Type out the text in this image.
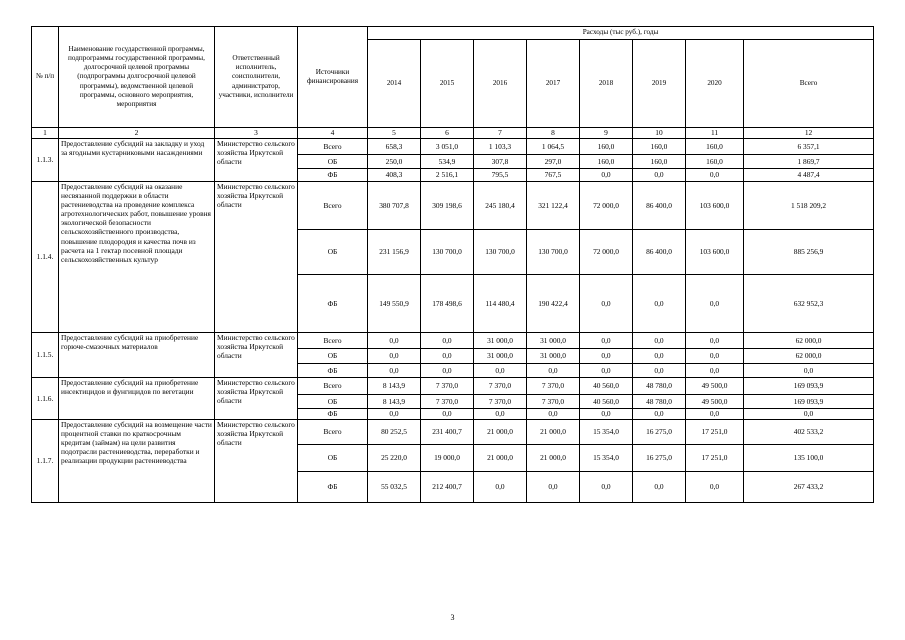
№ п/п	Наименование государственной программы, подпрограммы государственной программы, долгосрочной целевой программы (подпрограммы долгосрочной целевой программы), ведомственной целевой программы, основного мероприятия, мероприятия	Ответственный исполнитель, соисполнители, администратор, участники, исполнители	Источники финансирования	Расходы (тыс руб.), годы							
				2014	2015	2016	2017	2018	2019	2020	Всего
1	2	3	4	5	6	7	8	9	10	11	12
1.1.3.	Предоставление субсидий на закладку и уход за ягодными кустарниковыми насаждениями	Министерство сельского хозяйства Иркутской области	Всего	658,3	3 051,0	1 103,3	1 064,5	160,0	160,0	160,0	6 357,1
			ОБ	250,0	534,9	307,8	297,0	160,0	160,0	160,0	1 869,7
			ФБ	408,3	2 516,1	795,5	767,5	0,0	0,0	0,0	4 487,4
1.1.4.	Предоставление субсидий на оказание несвязанной поддержки в области растениеводства на проведение комплекса агротехнологических работ, повышение уровня экологической безопасности сельскохозяйственного производства, повышение плодородия и качества почв из расчета на 1 гектар посевной площади сельскохозяйственных культур	Министерство сельского хозяйства Иркутской области	Всего	380 707,8	309 198,6	245 180,4	321 122,4	72 000,0	86 400,0	103 600,0	1 518 209,2
			ОБ	231 156,9	130 700,0	130 700,0	130 700,0	72 000,0	86 400,0	103 600,0	885 256,9
			ФБ	149 550,9	178 498,6	114 480,4	190 422,4	0,0	0,0	0,0	632 952,3
1.1.5.	Предоставление субсидий на приобретение горюче-смазочных материалов	Министерство сельского хозяйства Иркутской области	Всего	0,0	0,0	31 000,0	31 000,0	0,0	0,0	0,0	62 000,0
			ОБ	0,0	0,0	31 000,0	31 000,0	0,0	0,0	0,0	62 000,0
			ФБ	0,0	0,0	0,0	0,0	0,0	0,0	0,0	0,0
1.1.6.	Предоставление субсидий на приобретение инсектицидов и фунгицидов по вегетации	Министерство сельского хозяйства Иркутской области	Всего	8 143,9	7 370,0	7 370,0	7 370,0	40 560,0	48 780,0	49 500,0	169 093,9
			ОБ	8 143,9	7 370,0	7 370,0	7 370,0	40 560,0	48 780,0	49 500,0	169 093,9
			ФБ	0,0	0,0	0,0	0,0	0,0	0,0	0,0	0,0
1.1.7.	Предоставление субсидий на возмещение части процентной ставки по краткосрочным кредитам (займам) на цели развития подотрасли растениеводства, переработки и реализации продукции растениеводства	Министерство сельского хозяйства Иркутской области	Всего	80 252,5	231 400,7	21 000,0	21 000,0	15 354,0	16 275,0	17 251,0	402 533,2
			ОБ	25 220,0	19 000,0	21 000,0	21 000,0	15 354,0	16 275,0	17 251,0	135 100,0
			ФБ	55 032,5	212 400,7	0,0	0,0	0,0	0,0	0,0	267 433,2
3
